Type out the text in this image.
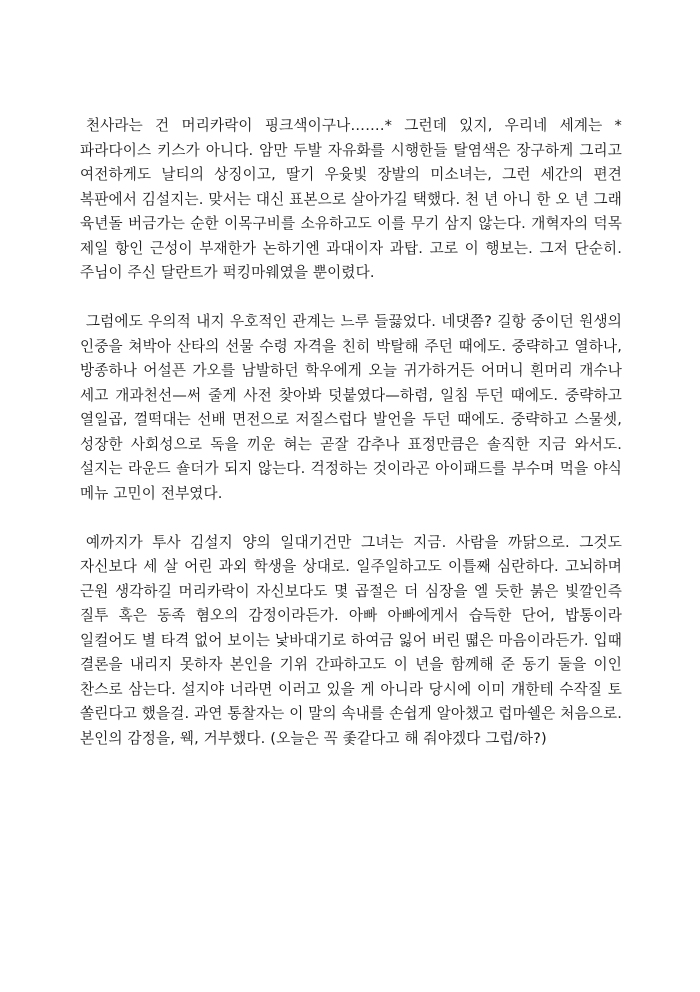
천사라는 건 머리카락이 핑크색이구나…….* 그런데 있지, 우리네 세계는 *파라다이스 키스가 아니다. 암만 두발 자유화를 시행한들 탈염색은 장구하게 그리고 여전하게도 날티의 상징이고, 딸기 우윳빛 장발의 미소녀는, 그런 세간의 편견 복판에서 김설지는. 맞서는 대신 표본으로 살아가길 택했다. 천 년 아니 한 오 년 그래 육년돌 버금가는 순한 이목구비를 소유하고도 이를 무기 삼지 않는다. 개혁자의 덕목 제일 항인 근성이 부재한가 논하기엔 과대이자 과탑. 고로 이 행보는. 그저 단순히. 주님이 주신 달란트가 퍽킹마웨였을 뿐이렸다.

그럼에도 우의적 내지 우호적인 관계는 느루 들끓었다. 네댓쯤? 길항 중이던 원생의 인중을 쳐박아 산타의 선물 수령 자격을 친히 박탈해 주던 때에도. 중략하고 열하나, 방종하나 어설픈 가오를 남발하던 학우에게 오늘 귀가하거든 어머니 흰머리 개수나 세고 개과천선—써 줄게 사전 찾아봐 덧붙였다—하렴, 일침 두던 때에도. 중략하고 열일곱, 껄떡대는 선배 면전으로 저질스럽다 발언을 두던 때에도. 중략하고 스물셋, 성장한 사회성으로 독을 끼운 혀는 곧잘 감추나 표정만큼은 솔직한 지금 와서도. 설지는 라운드 숄더가 되지 않는다. 걱정하는 것이라곤 아이패드를 부수며 먹을 야식 메뉴 고민이 전부였다.

예까지가 투사 김설지 양의 일대기건만 그녀는 지금. 사람을 까닭으로. 그것도 자신보다 세 살 어린 과외 학생을 상대로. 일주일하고도 이틀째 심란하다. 고뇌하며 근원 생각하길 머리카락이 자신보다도 몇 곱절은 더 심장을 엘 듯한 붉은 빛깔인즉 질투 혹은 동족 혐오의 감정이라든가. 아빠 아빠에게서 습득한 단어, 밥통이라 일컬어도 별 타격 없어 보이는 낯바대기로 하여금 잃어 버린 뗣은 마음이라든가. 입때 결론을 내리지 못하자 본인을 기위 간파하고도 이 년을 함께해 준 동기 둘을 이인 찬스로 삼는다. 설지야 너라면 이러고 있을 게 아니라 당시에 이미 걔한테 수작질 토 쏠린다고 했을걸. 과연 통찰자는 이 말의 속내를 손쉽게 알아챘고 럽마쉘은 처음으로. 본인의 감정을, 웩, 거부했다. (오늘은 꼭 좇같다고 해 줘야겠다 그럽/하?)
